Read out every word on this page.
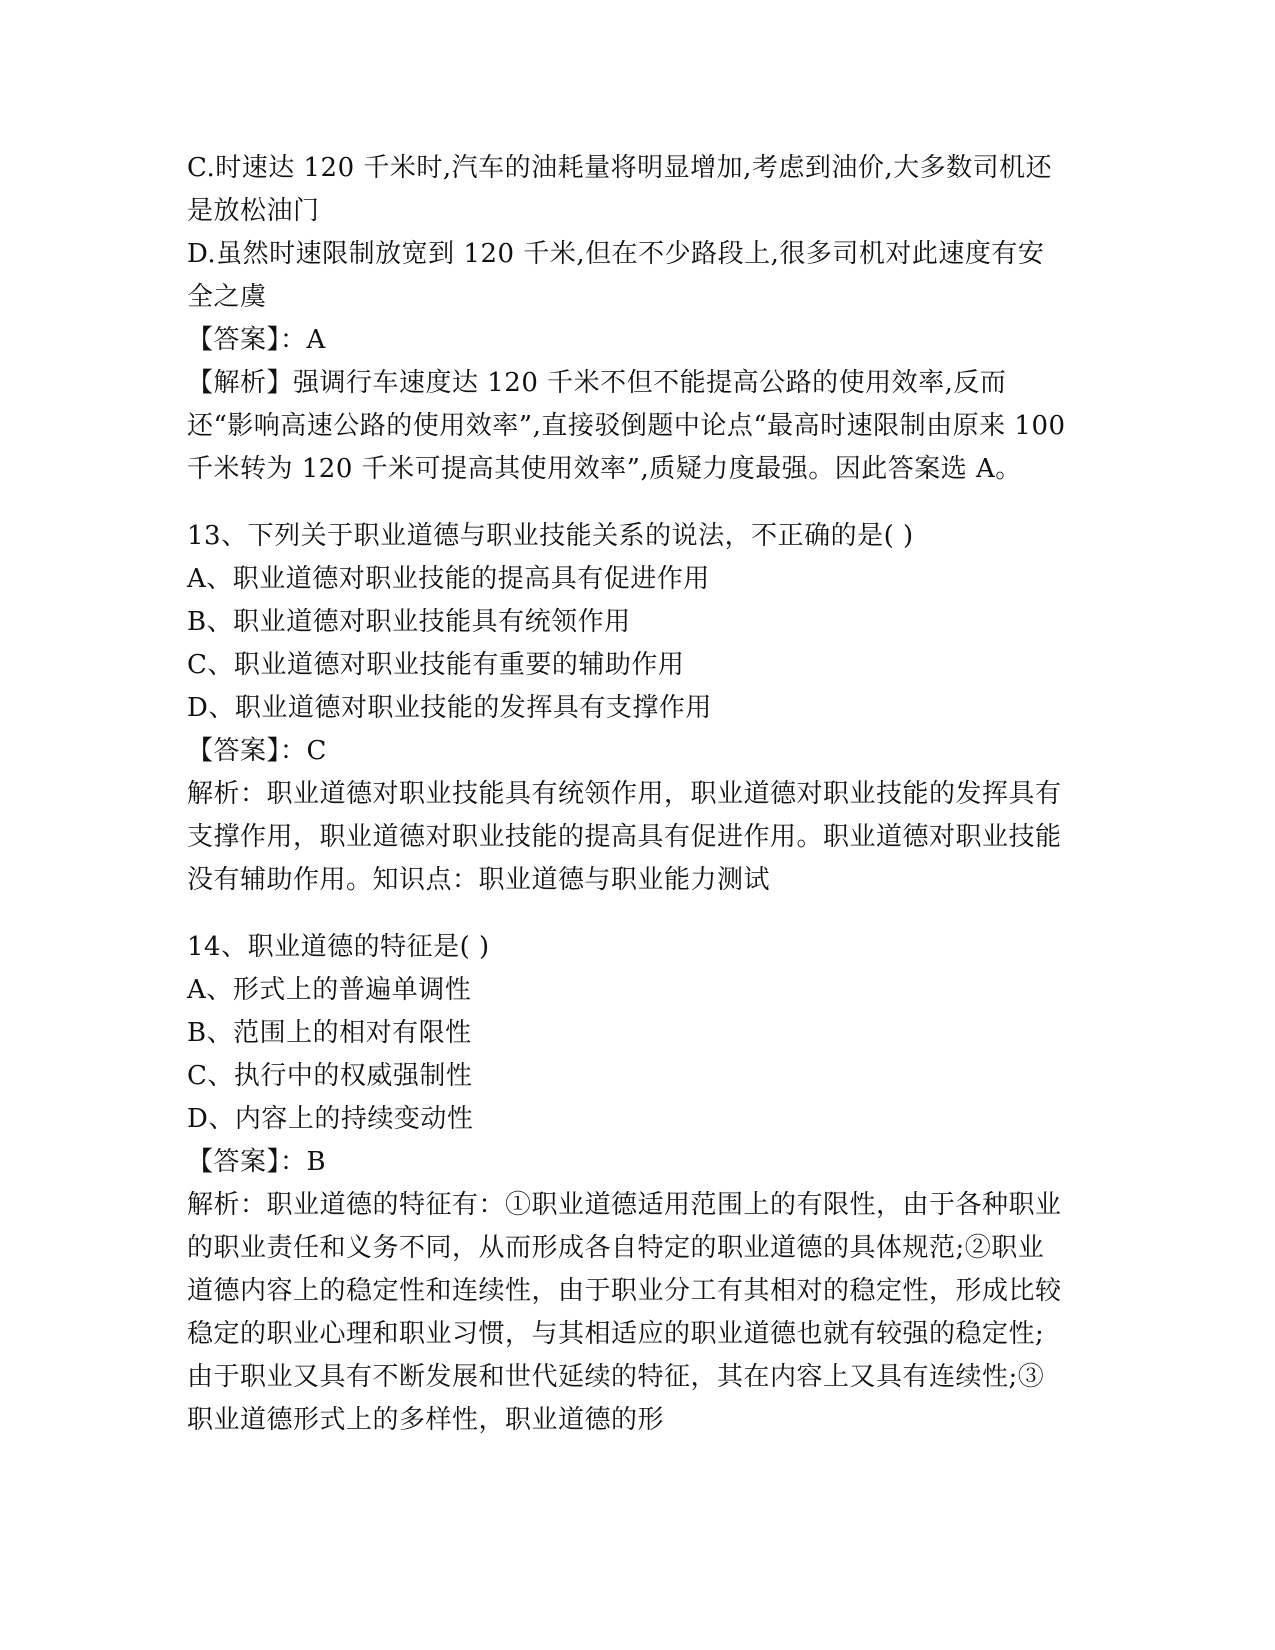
C.时速达 120 千米时,汽车的油耗量将明显增加,考虑到油价,大多数司机还是放松油门

D.虽然时速限制放宽到 120 千米,但在不少路段上,很多司机对此速度有安全之虞

【答案】：A

【解析】强调行车速度达 120 千米不但不能提高公路的使用效率,反而还“影响高速公路的使用效率”,直接驳倒题中论点“最高时速限制由原来 100 千米转为 120 千米可提高其使用效率”,质疑力度最强。因此答案选 A。

13、下列关于职业道德与职业技能关系的说法，不正确的是( )

A、职业道德对职业技能的提高具有促进作用

B、职业道德对职业技能具有统领作用

C、职业道德对职业技能有重要的辅助作用

D、职业道德对职业技能的发挥具有支撑作用

【答案】：C

解析：职业道德对职业技能具有统领作用，职业道德对职业技能的发挥具有支撑作用，职业道德对职业技能的提高具有促进作用。职业道德对职业技能没有辅助作用。知识点：职业道德与职业能力测试

14、职业道德的特征是( )

A、形式上的普遍单调性

B、范围上的相对有限性

C、执行中的权威强制性

D、内容上的持续变动性

【答案】：B

解析：职业道德的特征有：①职业道德适用范围上的有限性，由于各种职业的职业责任和义务不同，从而形成各自特定的职业道德的具体规范;②职业道德内容上的稳定性和连续性，由于职业分工有其相对的稳定性，形成比较稳定的职业心理和职业习惯，与其相适应的职业道德也就有较强的稳定性;由于职业又具有不断发展和世代延续的特征，其在内容上又具有连续性;③职业道德形式上的多样性，职业道德的形
